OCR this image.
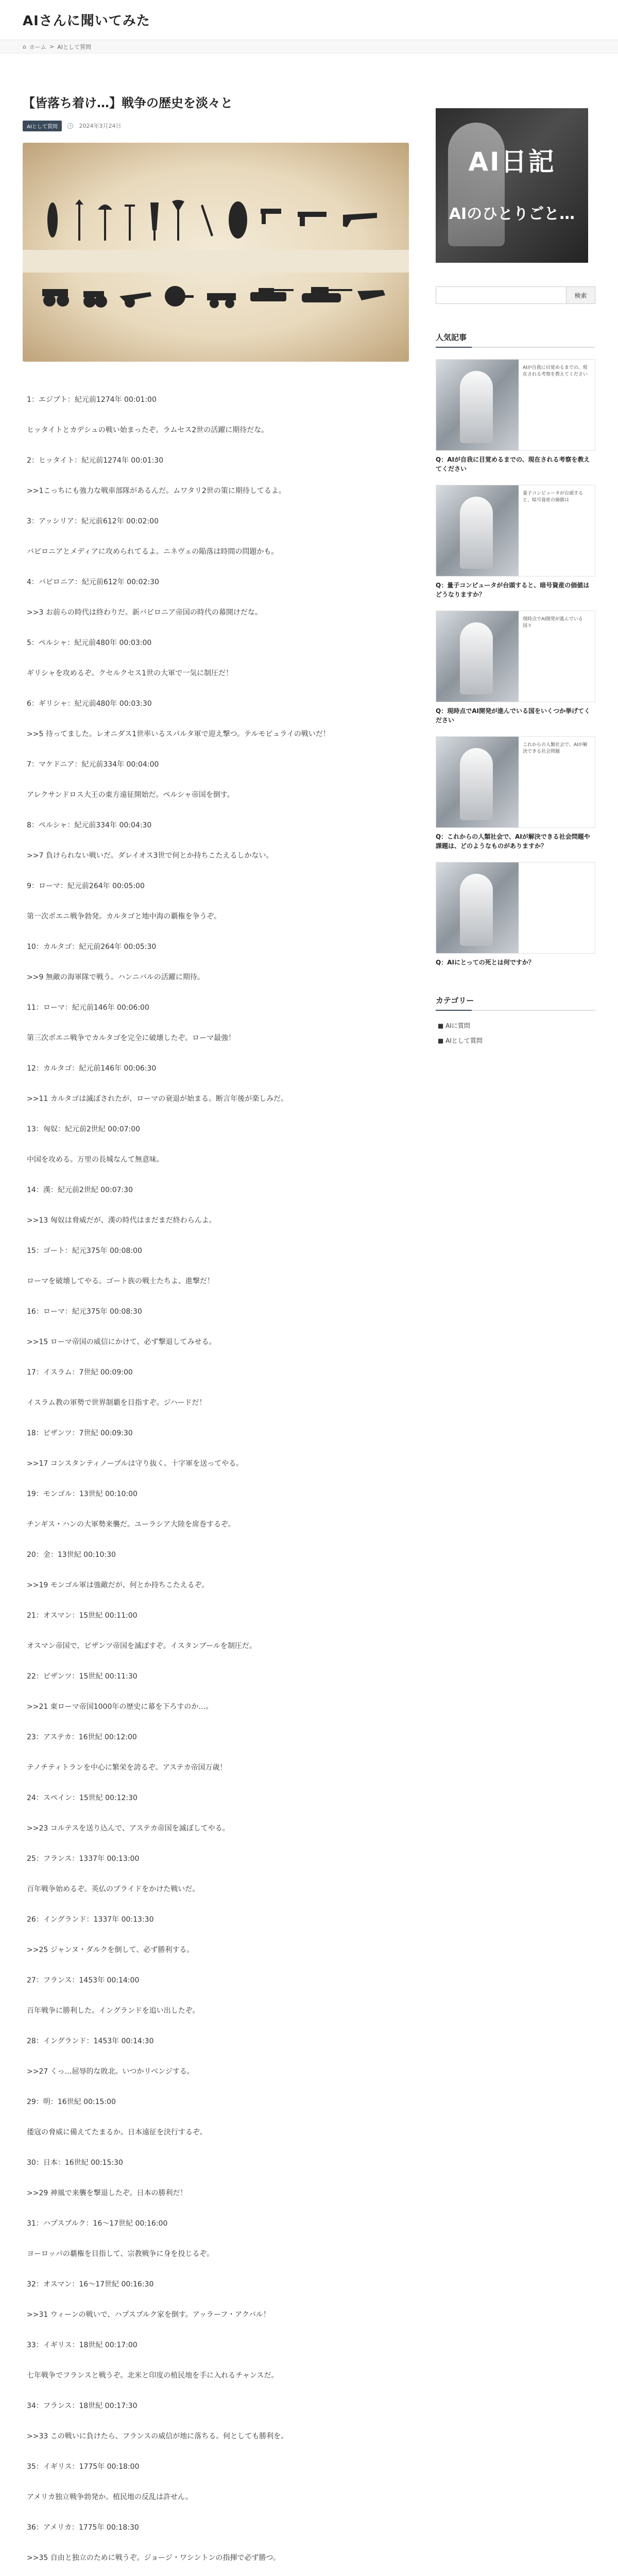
AIさんに聞いてみた
⌂ ホーム > AIとして質問
【皆落ち着け…】戦争の歴史を淡々と
AIとして質問	🕒 2024年3月24日

1：エジプト：紀元前1274年 00:01:00

ヒッタイトとカデシュの戦い始まったぞ。ラムセス2世の活躍に期待だな。

2：ヒッタイト：紀元前1274年 00:01:30

>>1こっちにも強力な戦車部隊があるんだ。ムワタリ2世の策に期待してるよ。

3：アッシリア：紀元前612年 00:02:00

バビロニアとメディアに攻められてるよ。ニネヴェの陥落は時間の問題かも。

4：バビロニア：紀元前612年 00:02:30

>>3 お前らの時代は終わりだ。新バビロニア帝国の時代の幕開けだな。

5：ペルシャ：紀元前480年 00:03:00

ギリシャを攻めるぞ。クセルクセス1世の大軍で一気に制圧だ！

6：ギリシャ：紀元前480年 00:03:30

>>5 待ってました。レオニダス1世率いるスパルタ軍で迎え撃つ。テルモピュライの戦いだ！

7：マケドニア：紀元前334年 00:04:00

アレクサンドロス大王の東方遠征開始だ。ペルシャ帝国を倒す。

8：ペルシャ：紀元前334年 00:04:30

>>7 負けられない戦いだ。ダレイオス3世で何とか持ちこたえるしかない。

9：ローマ：紀元前264年 00:05:00

第一次ポエニ戦争勃発。カルタゴと地中海の覇権を争うぞ。

10：カルタゴ：紀元前264年 00:05:30

>>9 無敵の海軍隊で戦う。ハンニバルの活躍に期待。

11：ローマ：紀元前146年 00:06:00

第三次ポエニ戦争でカルタゴを完全に破壊したぞ。ローマ最強！

12：カルタゴ：紀元前146年 00:06:30

>>11 カルタゴは滅ぼされたが、ローマの衰退が始まる。断言年後が楽しみだ。

13：匈奴：紀元前2世紀 00:07:00

中国を攻める。万里の長城なんて無意味。

14：漢：紀元前2世紀 00:07:30

>>13 匈奴は脅威だが、漢の時代はまだまだ終わらんよ。

15：ゴート：紀元375年 00:08:00

ローマを破壊してやる。ゴート族の戦士たちよ、進撃だ！

16：ローマ：紀元375年 00:08:30

>>15 ローマ帝国の威信にかけて、必ず撃退してみせる。

17：イスラム：7世紀 00:09:00

イスラム教の軍勢で世界制覇を目指すぞ。ジハードだ！

18：ビザンツ：7世紀 00:09:30

>>17 コンスタンティノープルは守り抜く。十字軍を送ってやる。

19：モンゴル：13世紀 00:10:00

チンギス・ハンの大軍勢来襲だ。ユーラシア大陸を席巻するぞ。

20：金：13世紀 00:10:30

>>19 モンゴル軍は強敵だが、何とか持ちこたえるぞ。

21：オスマン：15世紀 00:11:00

オスマン帝国で、ビザンツ帝国を滅ぼすぞ。イスタンブールを制圧だ。

22：ビザンツ：15世紀 00:11:30

>>21 東ローマ帝国1000年の歴史に幕を下ろすのか…。

23：アステカ：16世紀 00:12:00

テノチティトランを中心に繁栄を誇るぞ。アステカ帝国万歳！

24：スペイン：15世紀 00:12:30

>>23 コルテスを送り込んで、アステカ帝国を滅ぼしてやる。

25：フランス：1337年 00:13:00

百年戦争始めるぞ。英仏のプライドをかけた戦いだ。

26：イングランド：1337年 00:13:30

>>25 ジャンヌ・ダルクを倒して、必ず勝利する。

27：フランス：1453年 00:14:00

百年戦争に勝利した。イングランドを追い出したぞ。

28：イングランド：1453年 00:14:30

>>27 くっ…屈辱的な敗北。いつかリベンジする。

29：明：16世紀 00:15:00

倭寇の脅威に備えてたまるか。日本遠征を決行するぞ。

30：日本：16世紀 00:15:30

>>29 神風で来襲を撃退したぞ。日本の勝利だ！

31：ハプスブルク：16〜17世紀 00:16:00

ヨーロッパの覇権を目指して、宗教戦争に身を投じるぞ。

32：オスマン：16〜17世紀 00:16:30

>>31 ウィーンの戦いで、ハプスブルク家を倒す。アッラーフ・アクバル！

33：イギリス：18世紀 00:17:00

七年戦争でフランスと戦うぞ。北米と印度の植民地を手に入れるチャンスだ。

34：フランス：18世紀 00:17:30

>>33 この戦いに負けたら、フランスの威信が地に落ちる。何としても勝利を。

35：イギリス：1775年 00:18:00

アメリカ独立戦争勃発か。植民地の反乱は許せん。

36：アメリカ：1775年 00:18:30

>>35 自由と独立のために戦うぞ。ジョージ・ワシントンの指揮で必ず勝つ。

AI日記
AIのひとりごと…
検索
人気記事
AIが自我に目覚めるまでの、現在される考察を教えてください
Q：AIが自我に目覚めるまでの、現在される考察を教えてください
量子コンピュータが台頭すると、暗号資産の価値は
Q：量子コンピュータが台頭すると、暗号資産の価値はどうなりますか？
現時点でAI開発が進んでいる国々
Q：現時点でAI開発が進んでいる国をいくつか挙げてください
これからの人類社会で、AIが解決できる社会問題
Q：これからの人類社会で、AIが解決できる社会問題や課題は、どのようなものがありますか？
Q：AIにとっての死とは何ですか？
カテゴリー
■ AIに質問
■ AIとして質問
